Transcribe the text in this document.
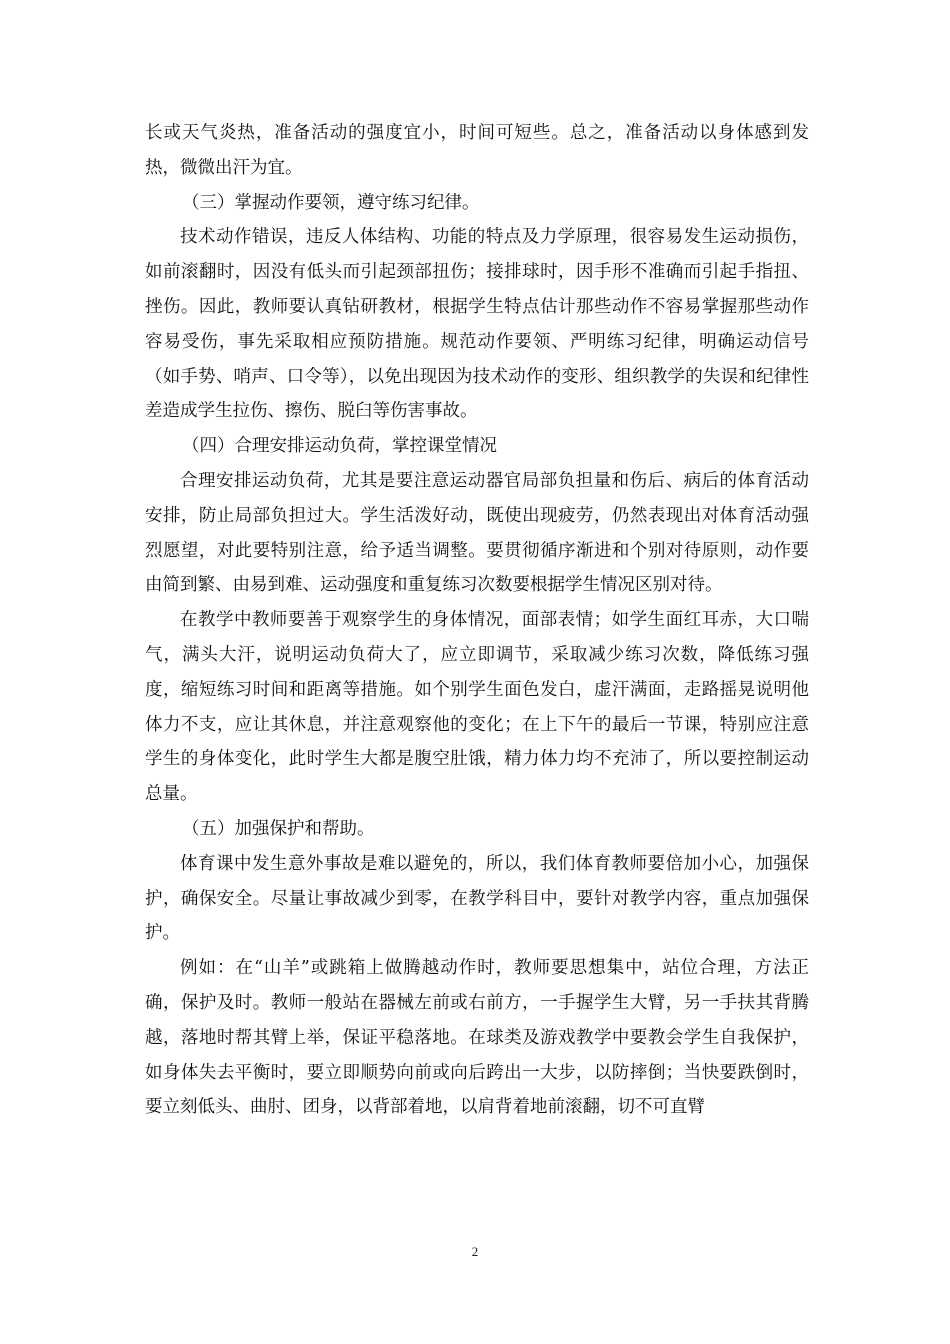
长或天气炎热，准备活动的强度宜小，时间可短些。总之，准备活动以身体感到发热，微微出汗为宜。

（三）掌握动作要领，遵守练习纪律。

技术动作错误，违反人体结构、功能的特点及力学原理，很容易发生运动损伤，如前滚翻时，因没有低头而引起颈部扭伤；接排球时，因手形不准确而引起手指扭、挫伤。因此，教师要认真钻研教材，根据学生特点估计那些动作不容易掌握那些动作容易受伤，事先采取相应预防措施。规范动作要领、严明练习纪律，明确运动信号（如手势、哨声、口令等），以免出现因为技术动作的变形、组织教学的失误和纪律性差造成学生拉伤、擦伤、脱臼等伤害事故。

（四）合理安排运动负荷，掌控课堂情况

合理安排运动负荷，尤其是要注意运动器官局部负担量和伤后、病后的体育活动安排，防止局部负担过大。学生活泼好动，既使出现疲劳，仍然表现出对体育活动强烈愿望，对此要特别注意，给予适当调整。要贯彻循序渐进和个别对待原则，动作要由简到繁、由易到难、运动强度和重复练习次数要根据学生情况区别对待。

在教学中教师要善于观察学生的身体情况，面部表情；如学生面红耳赤，大口喘气，满头大汗，说明运动负荷大了，应立即调节，采取减少练习次数，降低练习强度，缩短练习时间和距离等措施。如个别学生面色发白，虚汗满面，走路摇晃说明他体力不支，应让其休息，并注意观察他的变化；在上下午的最后一节课，特别应注意学生的身体变化，此时学生大都是腹空肚饿，精力体力均不充沛了，所以要控制运动总量。

（五）加强保护和帮助。

体育课中发生意外事故是难以避免的，所以，我们体育教师要倍加小心，加强保护，确保安全。尽量让事故减少到零，在教学科目中，要针对教学内容，重点加强保护。

例如：在“山羊”或跳箱上做腾越动作时，教师要思想集中，站位合理，方法正确，保护及时。教师一般站在器械左前或右前方，一手握学生大臂，另一手扶其背腾越，落地时帮其臂上举，保证平稳落地。在球类及游戏教学中要教会学生自我保护，如身体失去平衡时，要立即顺势向前或向后跨出一大步，以防摔倒；当快要跌倒时，要立刻低头、曲肘、团身，以背部着地，以肩背着地前滚翻，切不可直臂

2
